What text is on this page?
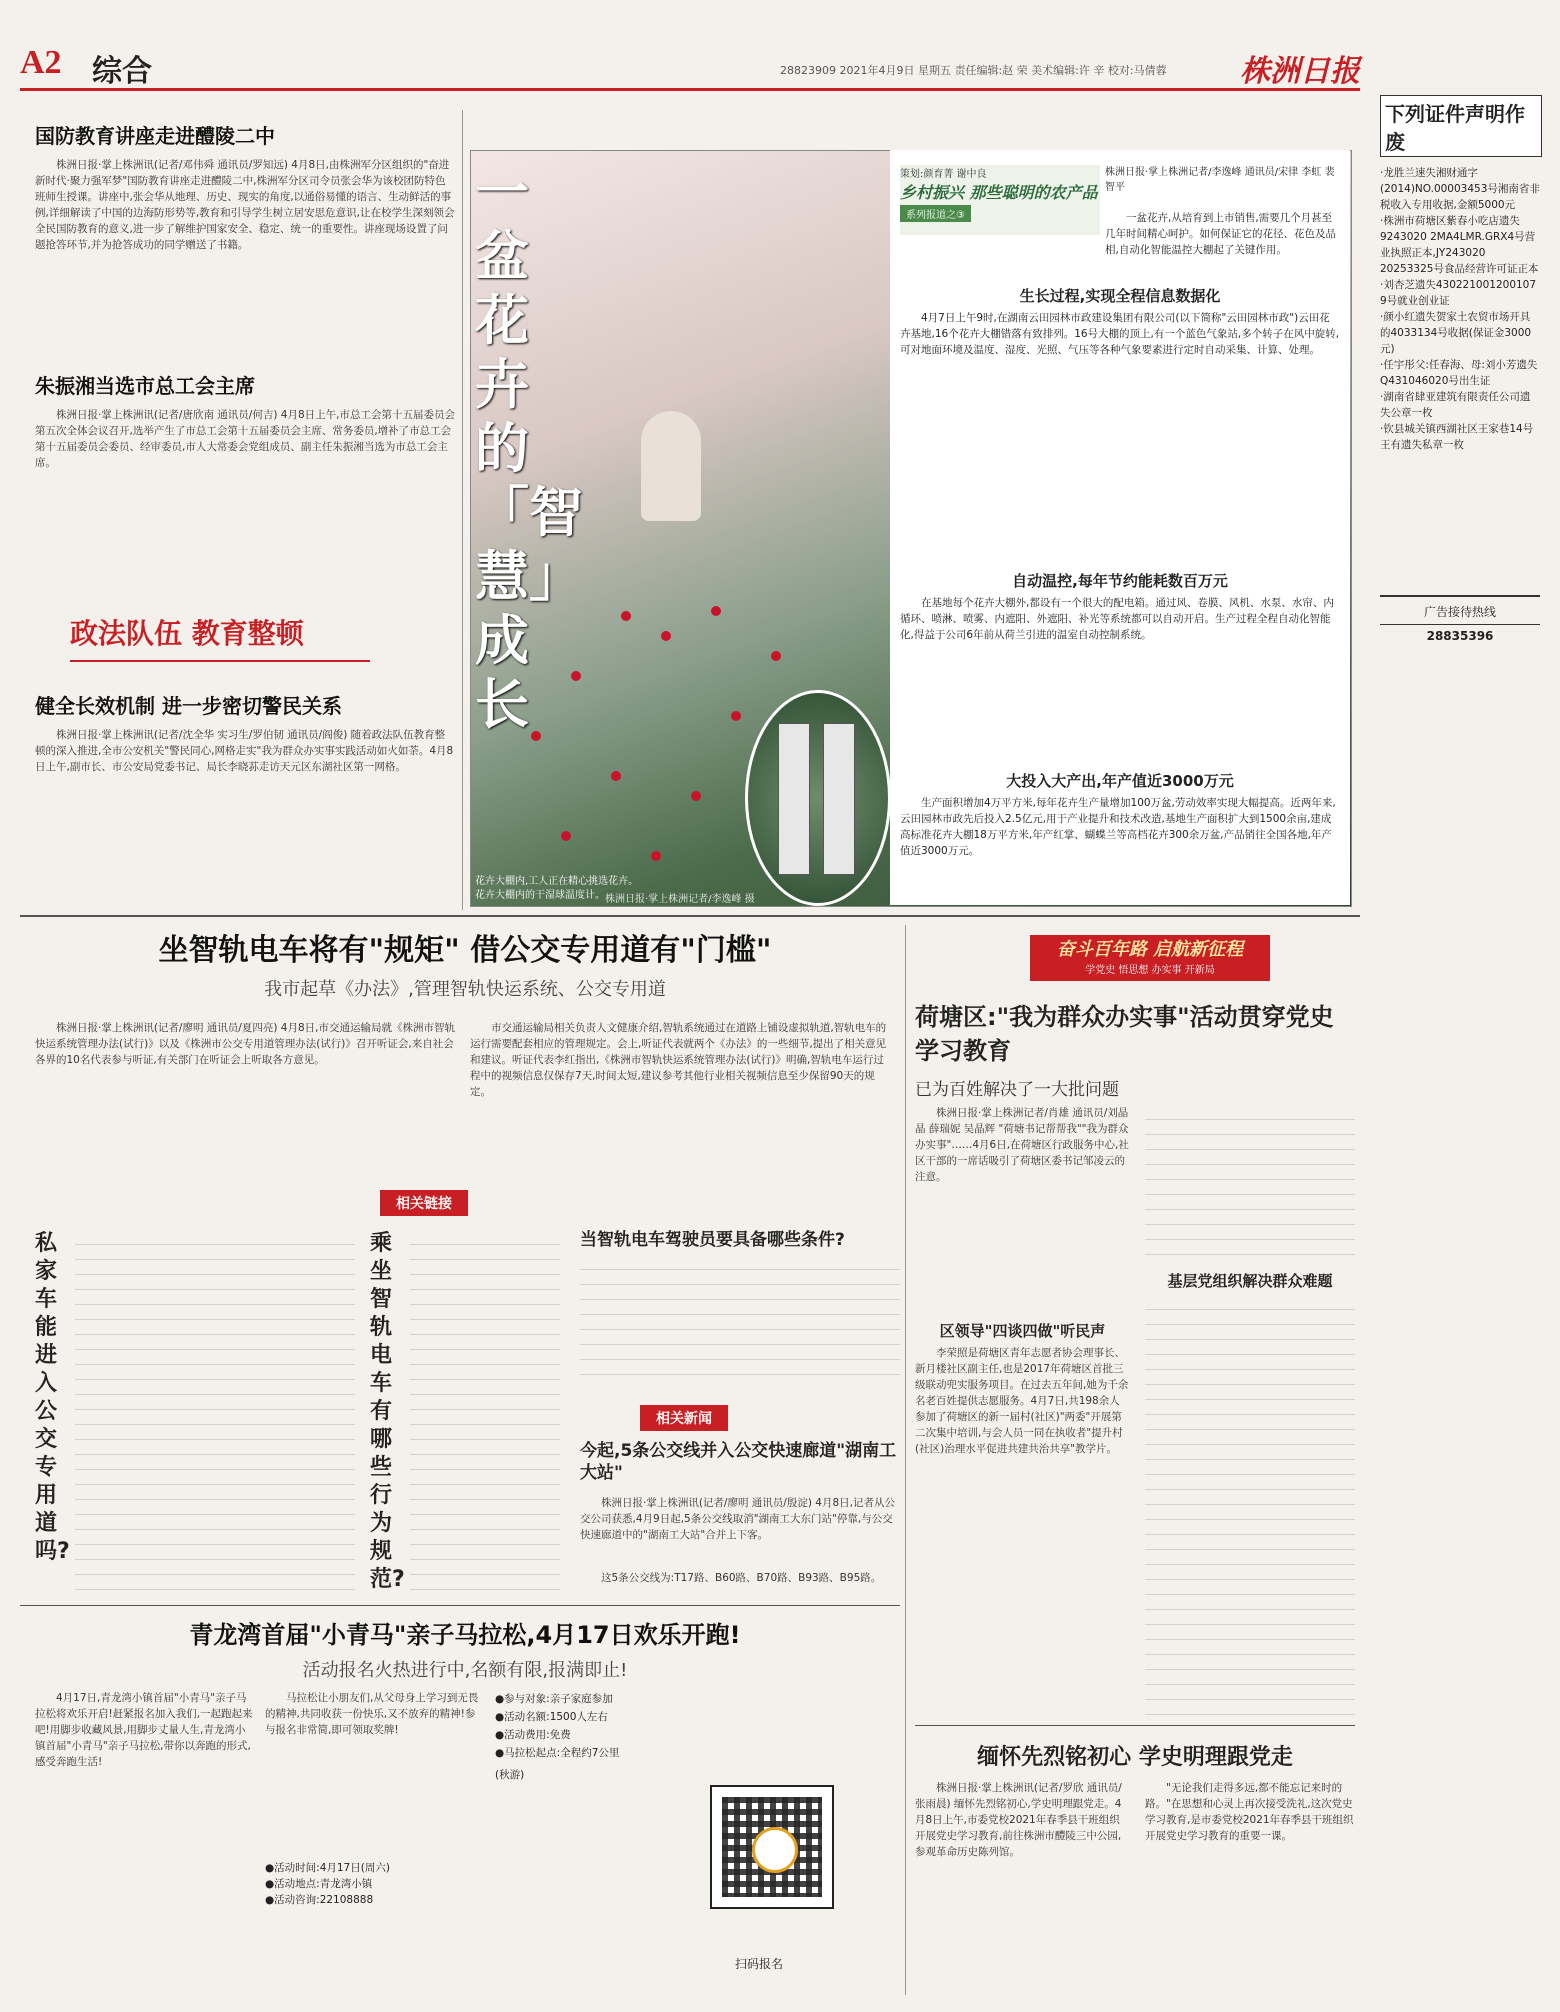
A2 综合	28823909 2021年4月9日 星期五 责任编辑:赵 荣 美术编辑:许 辛 校对:马倩蓉 株洲日报
国防教育讲座走进醴陵二中

株洲日报·掌上株洲讯(记者/邓伟舜 通讯员/罗知远) 4月8日,由株洲军分区组织的"奋进新时代·聚力强军梦"国防教育讲座走进醴陵二中,株洲军分区司令员张会华为该校团防特色班师生授课。讲座中,张会华从地理、历史、现实的角度,以通俗易懂的语言、生动鲜活的事例,详细解读了中国的边海防形势等,教育和引导学生树立居安思危意识,让在校学生深刻领会全民国防教育的意义,进一步了解维护国家安全、稳定、统一的重要性。讲座现场设置了问题抢答环节,并为抢答成功的同学赠送了书籍。

朱振湘当选市总工会主席

株洲日报·掌上株洲讯(记者/唐欣南 通讯员/何吉) 4月8日上午,市总工会第十五届委员会第五次全体会议召开,选举产生了市总工会第十五届委员会主席、常务委员,增补了市总工会第十五届委员会委员、经审委员,市人大常委会党组成员、副主任朱振湘当选为市总工会主席。

政法队伍 教育整顿
健全长效机制 进一步密切警民关系

株洲日报·掌上株洲讯(记者/沈全华 实习生/罗伯韧 通讯员/阎俊) 随着政法队伍教育整顿的深入推进,全市公安机关"警民同心,网格走实"我为群众办实事实践活动如火如荼。4月8日上午,副市长、市公安局党委书记、局长李晓荪走访天元区东湖社区第一网格。

一盆花卉的「智慧」成长
策划:颜育菁 谢中良
乡村振兴 那些聪明的农产品
系列报道之③
株洲日报·掌上株洲记者/李逸峰 通讯员/宋律 李虹 裴智平
一盆花卉,从培育到上市销售,需要几个月甚至几年时间精心呵护。如何保证它的花径、花色及品相,自动化智能温控大棚起了关键作用。
生长过程,实现全程信息数据化
4月7日上午9时,在湖南云田园林市政建设集团有限公司(以下简称"云田园林市政")云田花卉基地,16个花卉大棚错落有致排列。16号大棚的顶上,有一个蓝色气象站,多个转子在风中旋转,可对地面环境及温度、湿度、光照、气压等各种气象要素进行定时自动采集、计算、处理。
自动温控,每年节约能耗数百万元
在基地每个花卉大棚外,都设有一个很大的配电箱。通过风、卷膜、风机、水泵、水帘、内循环、喷淋、喷雾、内遮阳、外遮阳、补光等系统都可以自动开启。生产过程全程自动化智能化,得益于公司6年前从荷兰引进的温室自动控制系统。
大投入大产出,年产值近3000万元
生产面积增加4万平方米,每年花卉生产量增加100万盆,劳动效率实现大幅提高。近两年来,云田园林市政先后投入2.5亿元,用于产业提升和技术改造,基地生产面积扩大到1500余亩,建成高标准花卉大棚18万平方米,年产红掌、蝴蝶兰等高档花卉300余万盆,产品销往全国各地,年产值近3000万元。
花卉大棚内,工人正在精心挑选花卉。
花卉大棚内的干湿球温度计。 株洲日报·掌上株洲记者/李逸峰 摄
下列证件声明作废
·龙胜兰速失湘财通字(2014)NO.00003453号湘南省非税收入专用收据,金额5000元
·株洲市荷塘区紫春小吃店遗失9243020 2MA4LMR.GRX4号营业执照正本,JY243020 20253325号食品经营许可证正本
·刘杏芝遗失430221001200107 9号就业创业证
·颜小红遗失贺家土农贸市场开具的4033134号收据(保证金3000元)
·任宇彤父:任春海、母:刘小芳遗失Q431046020号出生证
·湖南省肆亚建筑有限责任公司遗失公章一枚
·钦县城关镇西湖社区王家巷14号王有遗失私章一枚
广告接待热线
28835396
坐智轨电车将有"规矩" 借公交专用道有"门槛"
我市起草《办法》,管理智轨快运系统、公交专用道
株洲日报·掌上株洲讯(记者/廖明 通讯员/夏四亮) 4月8日,市交通运输局就《株洲市智轨快运系统管理办法(试行)》以及《株洲市公交专用道管理办法(试行)》召开听证会,来自社会各界的10名代表参与听证,有关部门在听证会上听取各方意见。
市交通运输局相关负责人文健康介绍,智轨系统通过在道路上铺设虚拟轨道,智轨电车的运行需要配套相应的管理规定。会上,听证代表就两个《办法》的一些细节,提出了相关意见和建议。听证代表李红指出,《株洲市智轨快运系统管理办法(试行)》明确,智轨电车运行过程中的视频信息仅保存7天,时间太短,建议参考其他行业相关视频信息至少保留90天的规定。
相关链接
私家车能进入公交专用道吗?
乘坐智轨电车有哪些行为规范?
当智轨电车驾驶员要具备哪些条件?
相关新闻
今起,5条公交线并入公交快速廊道"湖南工大站"
株洲日报·掌上株洲讯(记者/廖明 通讯员/殷淀) 4月8日,记者从公交公司获悉,4月9日起,5条公交线取消"湖南工大东门站"停靠,与公交快速廊道中的"湖南工大站"合并上下客。
这5条公交线为:T17路、B60路、B70路、B93路、B95路。
奋斗百年路 启航新征程
学党史 悟思想 办实事 开新局
荷塘区:"我为群众办实事"活动贯穿党史学习教育
已为百姓解决了一大批问题
株洲日报·掌上株洲记者/肖雄 通讯员/刘晶晶 薛瑞妮 吴晶辉 "荷塘书记帮帮我""我为群众办实事"……4月6日,在荷塘区行政服务中心,社区干部的一席话吸引了荷塘区委书记邹凌云的注意。
区领导"四谈四做"听民声
李荣照是荷塘区青年志愿者协会理事长、新月楼社区副主任,也是2017年荷塘区首批三级联动兜实服务项目。在过去五年间,她为千余名老百姓提供志愿服务。4月7日,共198余人参加了荷塘区的新一届村(社区)"两委"开展第二次集中培训,与会人员一同在执收者"提升村(社区)治理水平促进共建共治共享"教学片。
基层党组织解决群众难题
缅怀先烈铭初心 学史明理跟党走
株洲日报·掌上株洲讯(记者/罗欣 通讯员/张雨晨) 缅怀先烈铭初心,学史明理跟党走。4月8日上午,市委党校2021年春季县干班组织开展党史学习教育,前往株洲市醴陵三中公园,参观革命历史陈列馆。
"无论我们走得多远,都不能忘记来时的路。"在思想和心灵上再次接受洗礼,这次党史学习教育,是市委党校2021年春季县干班组织开展党史学习教育的重要一课。
青龙湾首届"小青马"亲子马拉松,4月17日欢乐开跑!
活动报名火热进行中,名额有限,报满即止!
4月17日,青龙湾小镇首届"小青马"亲子马拉松将欢乐开启!赶紧报名加入我们,一起跑起来吧!用脚步收藏风景,用脚步丈量人生,青龙湾小镇首届"小青马"亲子马拉松,带你以奔跑的形式,感受奔跑生活!
马拉松让小朋友们,从父母身上学习到无畏的精神,共同收获一份快乐,又不放弃的精神!参与报名非常简,即可领取奖牌!
●活动时间:4月17日(周六)
●活动地点:青龙湾小镇
●活动咨询:22108888
●参与对象:亲子家庭参加
●活动名额:1500人左右
●活动费用:免费
●马拉松起点:全程约7公里
(秋游)
扫码报名
